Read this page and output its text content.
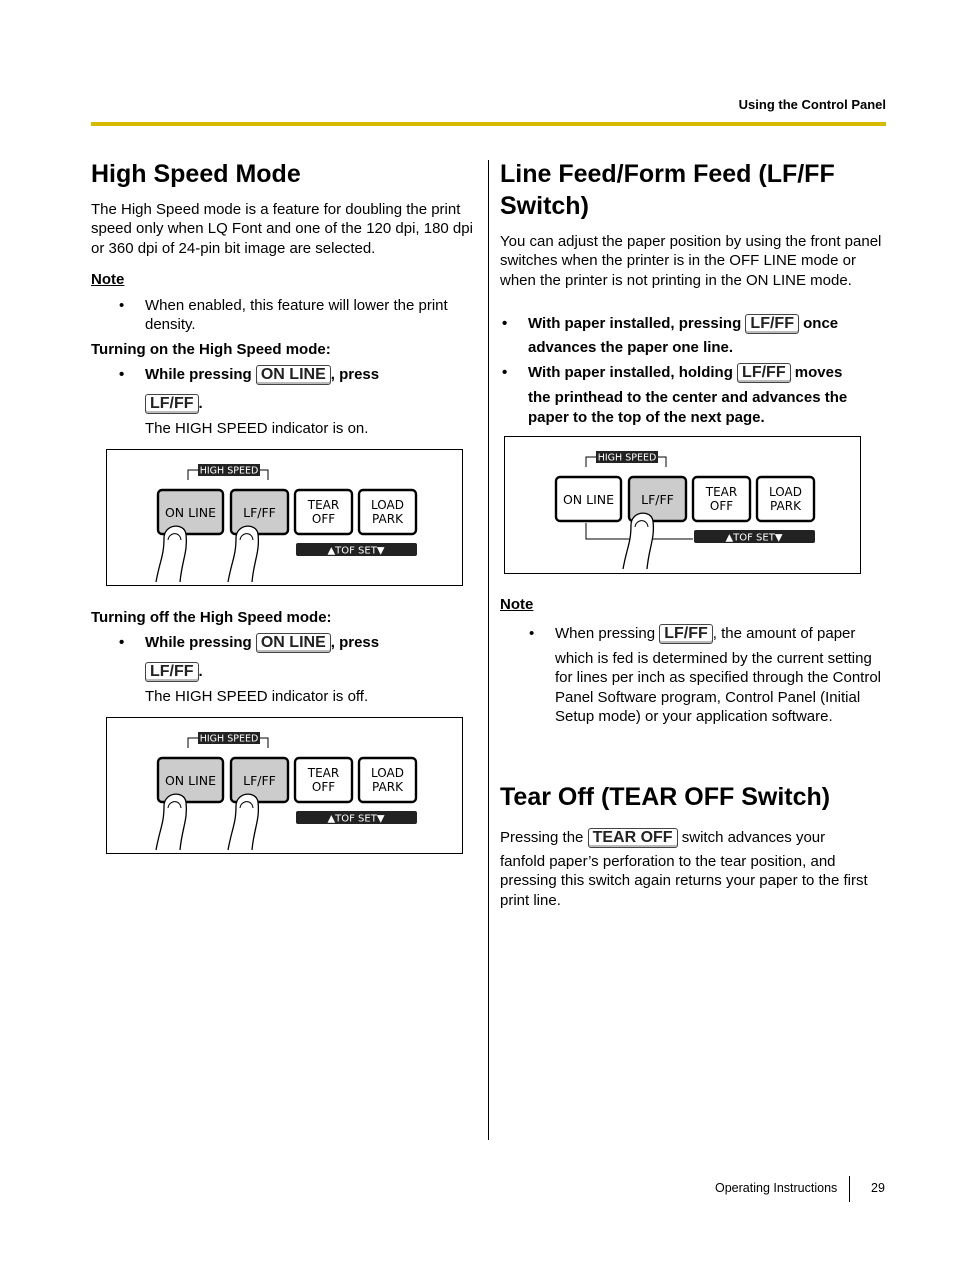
Using the Control Panel
High Speed Mode

The High Speed mode is a feature for doubling the print speed only when LQ Font and one of the 120 dpi, 180 dpi or 360 dpi of 24-pin bit image are selected.

Note
• When enabled, this feature will lower the print density.
Turning on the High Speed mode:
• While pressing ON LINE , press
LF/FF .

The HIGH SPEED indicator is on.

HIGH SPEED
ON LINE LF/FF	TEAR
OFF
LOAD
PARK
▲TOF SET▼
Turning off the High Speed mode:
• While pressing ON LINE , press
LF/FF .

The HIGH SPEED indicator is off.

HIGH SPEED
ON LINE LF/FF	TEAR
OFF
LOAD
PARK
▲TOF SET▼
Line Feed/Form Feed (LF/FF
Switch)

You can adjust the paper position by using the front panel switches when the printer is in the OFF LINE mode or when the printer is not printing in the ON LINE mode.

• With paper installed, pressing LF/FF once
advances the paper one line.
• With paper installed, holding LF/FF moves
the printhead to the center and advances the paper to the top of the next page.
HIGH SPEED
ON LINE LF/FF	TEAR
OFF
LOAD
PARK
▲TOF SET▼
Note
• When pressing LF/FF , the amount of paper

which is fed is determined by the current setting for lines per inch as specified through the Control Panel Software program, Control Panel (Initial Setup mode) or your application software.

Tear Off (TEAR OFF Switch)
Pressing the TEAR OFF switch advances your

fanfold paper’s perforation to the tear position, and pressing this switch again returns your paper to the first print line.

Operating Instructions	29
